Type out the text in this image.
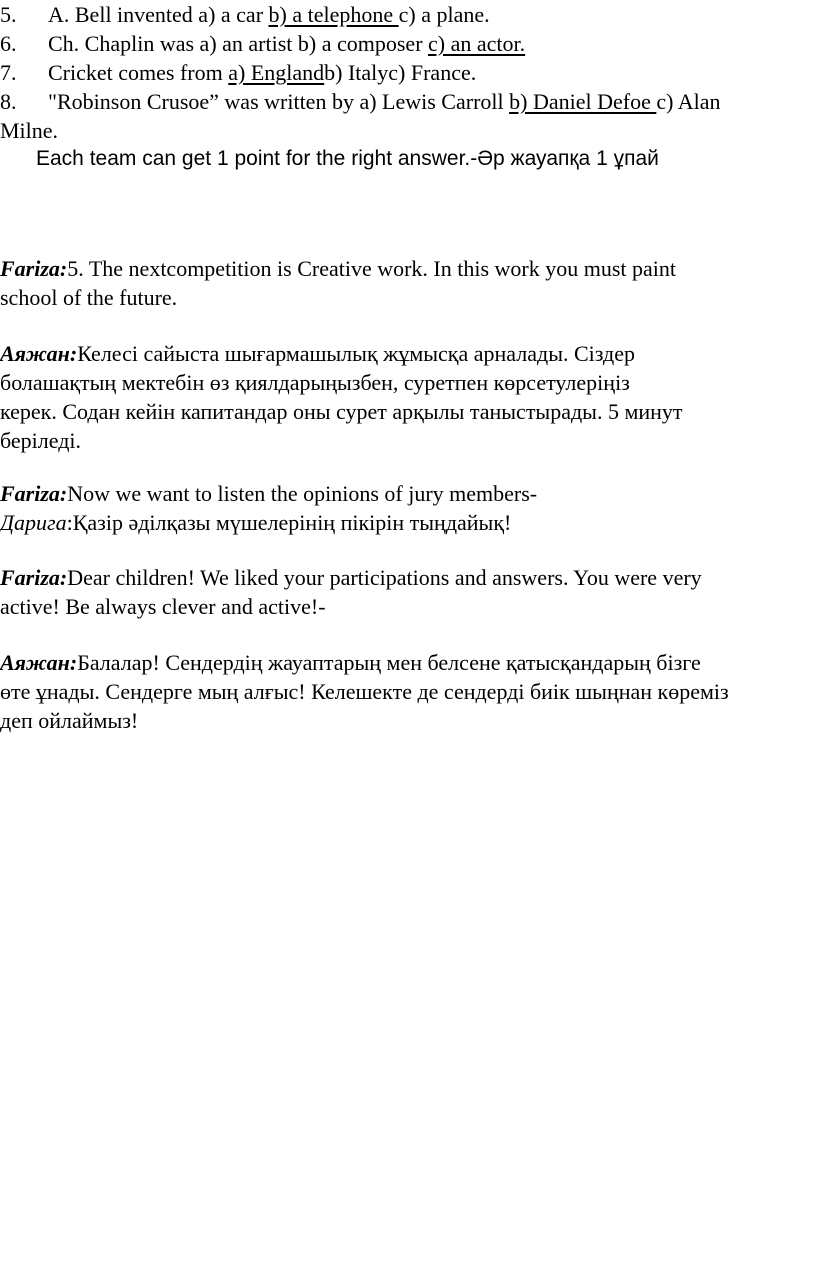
5.	A. Bell invented a) a car b) a telephone c) a plane.
6.	Ch. Chaplin was a) an artist b) a composer c) an actor.
7.	Cricket comes from a) Englandb) Italyc) France.
8.	"Robinson Crusoe” was written by a) Lewis Carroll b) Daniel Defoe c) Alan
Milne.
Each team can get 1 point for the right answer.-Әр жауапқа 1 ұпай
Fariza:5. The nextcompetition is Creative work. In this work you must paint
school of the future.
Аяжан:Келесі сайыста шығармашылық жұмысқа арналады. Сіздер
болашақтың мектебін өз қиялдарыңызбен, суретпен көрсетулеріңіз
керек. Содан кейін капитандар оны сурет арқылы таныстырады. 5 минут
беріледі.
Fariza:Now we want to listen the opinions of jury members-
Дарига:Қазір әділқазы мүшелерінің пікірін тыңдайық!
Fariza:Dear children! We liked your participations and answers. You were very
active! Be always clever and active!-
Аяжан:Балалар! Сендердің жауаптарың мен белсене қатысқандарың бізге
өте ұнады. Сендерге мың алғыс! Келешекте де сендерді биік шыңнан көреміз
деп ойлаймыз!
